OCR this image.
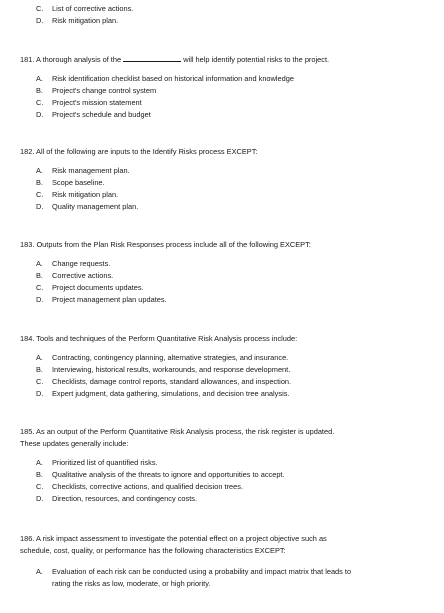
C. List of corrective actions.
D. Risk mitigation plan.

181. A thorough analysis of the	will help identify potential risks to the project.

A. Risk identification checklist based on historical information and knowledge
B. Project's change control system
C. Project's mission statement
D. Project's schedule and budget

182. All of the following are inputs to the Identify Risks process EXCEPT:

A. Risk management plan.
B. Scope baseline.
C. Risk mitigation plan.
D. Quality management plan.

183. Outputs from the Plan Risk Responses process include all of the following EXCEPT:

A. Change requests.
B. Corrective actions.
C. Project documents updates.
D. Project management plan updates.

184. Tools and techniques of the Perform Quantitative Risk Analysis process include:

A. Contracting, contingency planning, alternative strategies, and insurance.
B. Interviewing, historical results, workarounds, and response development.
C. Checklists, damage control reports, standard allowances, and inspection.
D. Expert judgment, data gathering, simulations, and decision tree analysis.

185. As an output of the Perform Quantitative Risk Analysis process, the risk register is updated.

These updates generally include:

A. Prioritized list of quantified risks.
B. Qualitative analysis of the threats to ignore and opportunities to accept.
C. Checklists, corrective actions, and qualified decision trees.
D. Direction, resources, and contingency costs.

186. A risk impact assessment to investigate the potential effect on a project objective such as

schedule, cost, quality, or performance has the following characteristics EXCEPT:

A. Evaluation of each risk can be conducted using a probability and impact matrix that leads to
rating the risks as low, moderate, or high priority.
